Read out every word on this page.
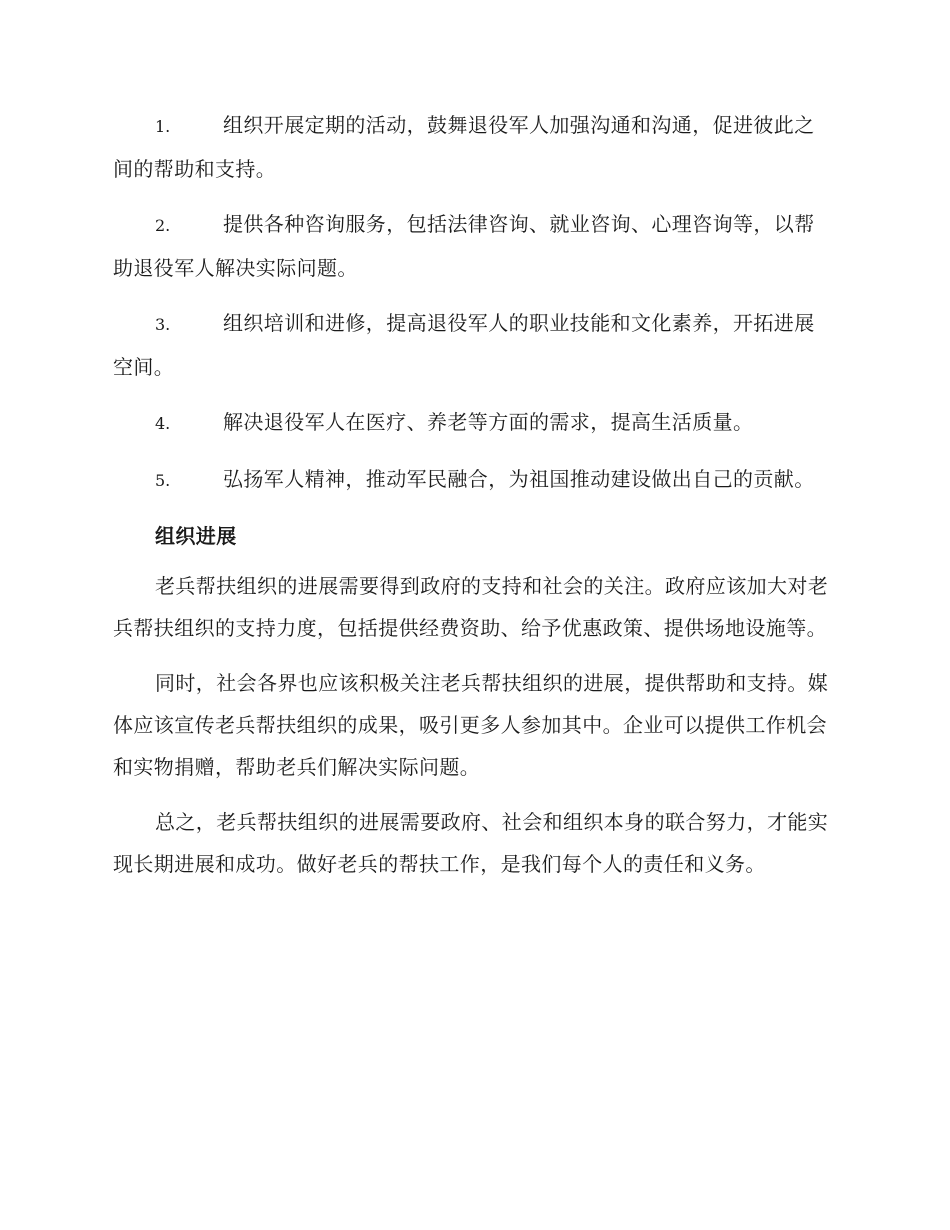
1.	组织开展定期的活动，鼓舞退役军人加强沟通和沟通，促进彼此之间的帮助和支持。

2.	提供各种咨询服务，包括法律咨询、就业咨询、心理咨询等，以帮助退役军人解决实际问题。

3.	组织培训和进修，提高退役军人的职业技能和文化素养，开拓进展空间。

4.	解决退役军人在医疗、养老等方面的需求，提高生活质量。

5.	弘扬军人精神，推动军民融合，为祖国推动建设做出自己的贡献。

组织进展

老兵帮扶组织的进展需要得到政府的支持和社会的关注。政府应该加大对老兵帮扶组织的支持力度，包括提供经费资助、给予优惠政策、提供场地设施等。

同时，社会各界也应该积极关注老兵帮扶组织的进展，提供帮助和支持。媒体应该宣传老兵帮扶组织的成果，吸引更多人参加其中。企业可以提供工作机会和实物捐赠，帮助老兵们解决实际问题。

总之，老兵帮扶组织的进展需要政府、社会和组织本身的联合努力，才能实现长期进展和成功。做好老兵的帮扶工作，是我们每个人的责任和义务。
